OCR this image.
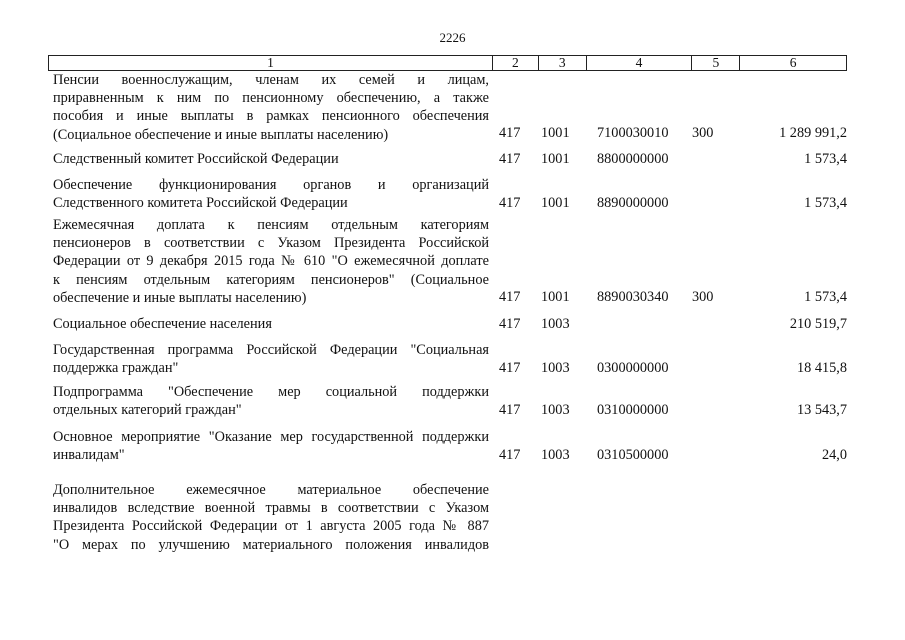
2226
1	2	3	4	5	6
Пенсии военнослужащим, членам их семей и лицам,
приравненным к ним по пенсионному обеспечению, а также
пособия и иные выплаты в рамках пенсионного обеспечения
(Социальное обеспечение и иные выплаты населению)	417 1001 7100030010 300	1 289 991,2
Следственный комитет Российской Федерации	417 1001 8800000000	1 573,4
Обеспечение функционирования органов и организаций
Следственного комитета Российской Федерации	417 1001 8890000000	1 573,4
Ежемесячная доплата к пенсиям отдельным категориям
пенсионеров в соответствии с Указом Президента Российской
Федерации от 9 декабря 2015 года № 610 "О ежемесячной доплате
к пенсиям отдельным категориям пенсионеров" (Социальное
обеспечение и иные выплаты населению)	417 1001 8890030340 300	1 573,4
Социальное обеспечение населения	417 1003	210 519,7
Государственная программа Российской Федерации "Социальная
поддержка граждан"	417 1003 0300000000	18 415,8
Подпрограмма "Обеспечение мер социальной поддержки
отдельных категорий граждан"	417 1003 0310000000	13 543,7
Основное мероприятие "Оказание мер государственной поддержки
инвалидам"	417 1003 0310500000	24,0
Дополнительное ежемесячное материальное обеспечение
инвалидов вследствие военной травмы в соответствии с Указом
Президента Российской Федерации от 1 августа 2005 года № 887
"О мерах по улучшению материального положения инвалидов
